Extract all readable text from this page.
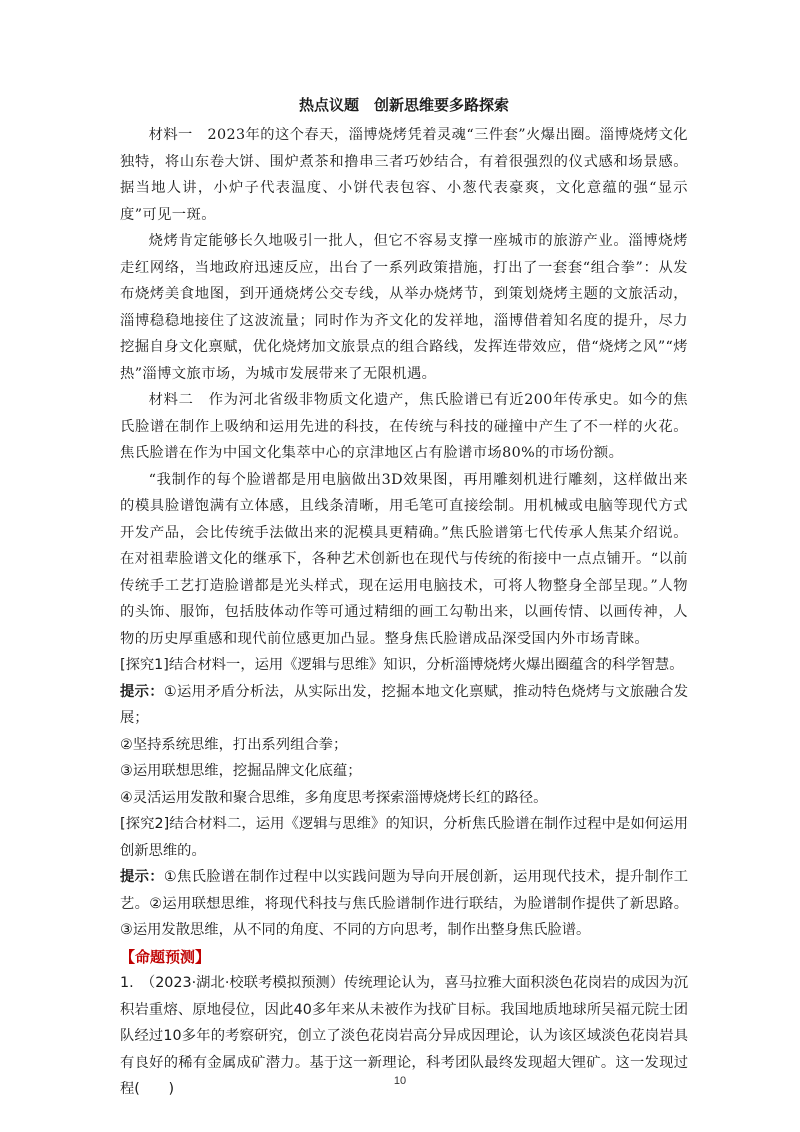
热点议题　创新思维要多路探索

材料一　2023年的这个春天，淄博烧烤凭着灵魂“三件套”火爆出圈。淄博烧烤文化独特，将山东卷大饼、围炉煮茶和撸串三者巧妙结合，有着很强烈的仪式感和场景感。据当地人讲，小炉子代表温度、小饼代表包容、小葱代表豪爽，文化意蕴的强“显示度”可见一斑。

烧烤肯定能够长久地吸引一批人，但它不容易支撑一座城市的旅游产业。淄博烧烤走红网络，当地政府迅速反应，出台了一系列政策措施，打出了一套套“组合拳”：从发布烧烤美食地图，到开通烧烤公交专线，从举办烧烤节，到策划烧烤主题的文旅活动，淄博稳稳地接住了这波流量；同时作为齐文化的发祥地，淄博借着知名度的提升，尽力挖掘自身文化禀赋，优化烧烤加文旅景点的组合路线，发挥连带效应，借“烧烤之风”“烤热”淄博文旅市场，为城市发展带来了无限机遇。

材料二　作为河北省级非物质文化遗产，焦氏脸谱已有近200年传承史。如今的焦氏脸谱在制作上吸纳和运用先进的科技，在传统与科技的碰撞中产生了不一样的火花。焦氏脸谱在作为中国文化集萃中心的京津地区占有脸谱市场80%的市场份额。

“我制作的每个脸谱都是用电脑做出3D效果图，再用雕刻机进行雕刻，这样做出来的模具脸谱饱满有立体感，且线条清晰，用毛笔可直接绘制。用机械或电脑等现代方式开发产品，会比传统手法做出来的泥模具更精确。”焦氏脸谱第七代传承人焦某介绍说。在对祖辈脸谱文化的继承下，各种艺术创新也在现代与传统的衔接中一点点铺开。“以前传统手工艺打造脸谱都是光头样式，现在运用电脑技术，可将人物整身全部呈现。”人物的头饰、服饰，包括肢体动作等可通过精细的画工勾勒出来，以画传情、以画传神，人物的历史厚重感和现代前位感更加凸显。整身焦氏脸谱成品深受国内外市场青睐。

[探究1]结合材料一，运用《逻辑与思维》知识，分析淄博烧烤火爆出圈蕴含的科学智慧。

提示：①运用矛盾分析法，从实际出发，挖掘本地文化禀赋，推动特色烧烤与文旅融合发展；

②坚持系统思维，打出系列组合拳；

③运用联想思维，挖掘品牌文化底蕴；

④灵活运用发散和聚合思维，多角度思考探索淄博烧烤长红的路径。

[探究2]结合材料二，运用《逻辑与思维》的知识，分析焦氏脸谱在制作过程中是如何运用创新思维的。

提示：①焦氏脸谱在制作过程中以实践问题为导向开展创新，运用现代技术，提升制作工艺。②运用联想思维，将现代科技与焦氏脸谱制作进行联结，为脸谱制作提供了新思路。③运用发散思维，从不同的角度、不同的方向思考，制作出整身焦氏脸谱。

【命题预测】

1.　（2023·湖北·校联考模拟预测）传统理论认为，喜马拉雅大面积淡色花岗岩的成因为沉积岩重熔、原地侵位，因此40多年来从未被作为找矿目标。我国地质地球所吴福元院士团队经过10多年的考察研究，创立了淡色花岗岩高分异成因理论，认为该区域淡色花岗岩具有良好的稀有金属成矿潜力。基于这一新理论，科考团队最终发现超大锂矿。这一发现过程(　　)	10
